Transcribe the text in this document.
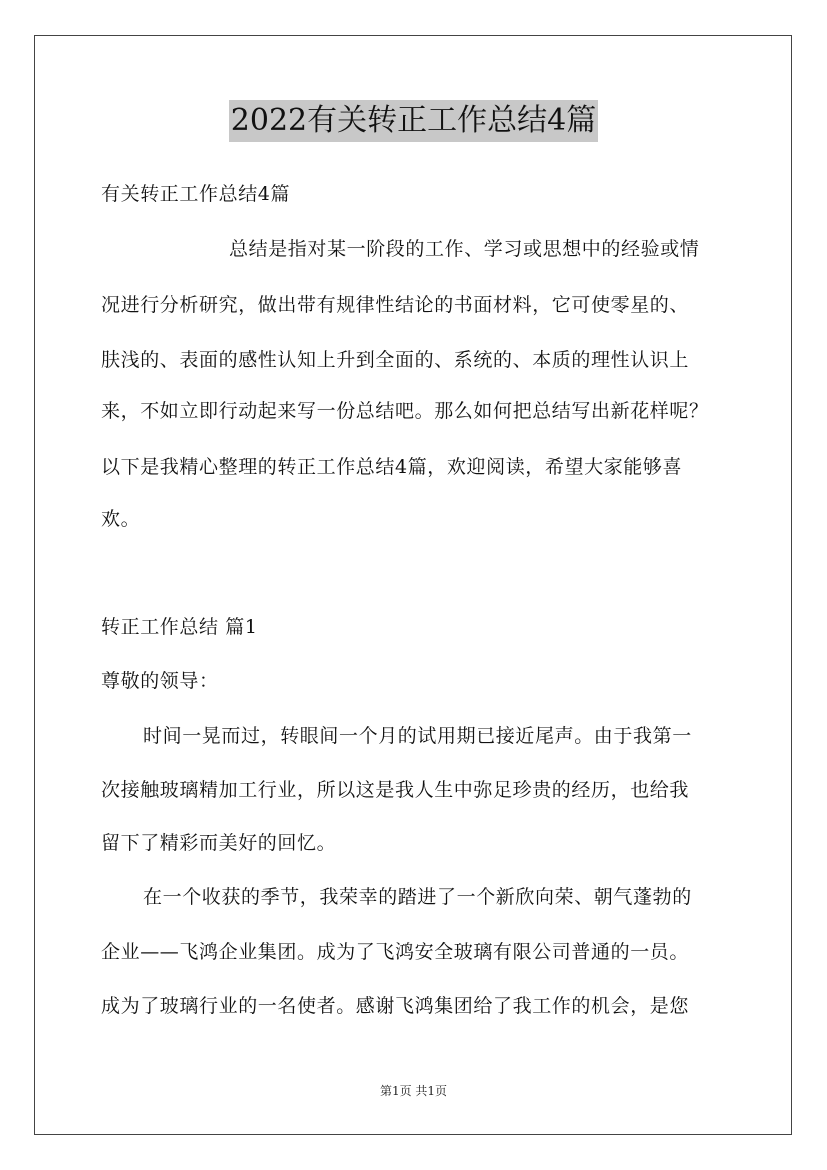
2022有关转正工作总结4篇
有关转正工作总结4篇
总结是指对某一阶段的工作、学习或思想中的经验或情
况进行分析研究，做出带有规律性结论的书面材料，它可使零星的、
肤浅的、表面的感性认知上升到全面的、系统的、本质的理性认识上
来，不如立即行动起来写一份总结吧。那么如何把总结写出新花样呢？
以下是我精心整理的转正工作总结4篇，欢迎阅读，希望大家能够喜
欢。
转正工作总结 篇1
尊敬的领导：
时间一晃而过，转眼间一个月的试用期已接近尾声。由于我第一
次接触玻璃精加工行业，所以这是我人生中弥足珍贵的经历，也给我
留下了精彩而美好的回忆。
在一个收获的季节，我荣幸的踏进了一个新欣向荣、朝气蓬勃的
企业——飞鸿企业集团。成为了飞鸿安全玻璃有限公司普通的一员。
成为了玻璃行业的一名使者。感谢飞鸿集团给了我工作的机会，是您
第1页 共1页
